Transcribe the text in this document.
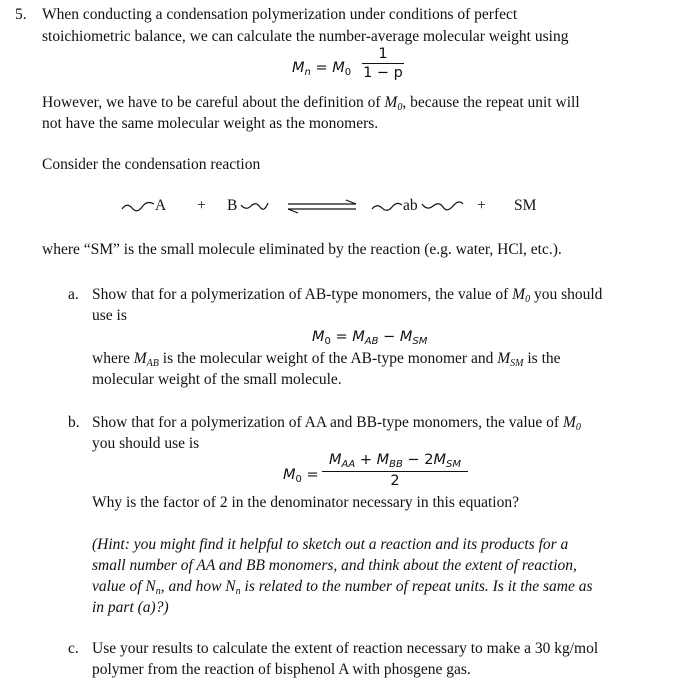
5. When conducting a condensation polymerization under conditions of perfect
stoichiometric balance, we can calculate the number-average molecular weight using
$M_n = M_0$
1
1 − p
However, we have to be careful about the definition of $M_0$, because the repeat unit will
not have the same molecular weight as the monomers.
Consider the condensation reaction
A + B	ab	+ SM
where “SM” is the small molecule eliminated by the reaction (e.g. water, HCl, etc.).
a. Show that for a polymerization of AB-type monomers, the value of $M_0$ you should
use is
$M_0 = M_{AB} - M_{SM}$
where $M_{AB}$ is the molecular weight of the AB-type monomer and $M_{SM}$ is the
molecular weight of the small molecule.
b. Show that for a polymerization of AA and BB-type monomers, the value of $M_0$
you should use is
$M_0$ =
$M_{AA} + M_{BB} - 2M_{SM}$
2
Why is the factor of 2 in the denominator necessary in this equation?
(Hint: you might find it helpful to sketch out a reaction and its products for a
small number of AA and BB monomers, and think about the extent of reaction,
value of $N_n$, and how $N_n$ is related to the number of repeat units. Is it the same as
in part (a)?)
c. Use your results to calculate the extent of reaction necessary to make a 30 kg/mol
polymer from the reaction of bisphenol A with phosgene gas.
